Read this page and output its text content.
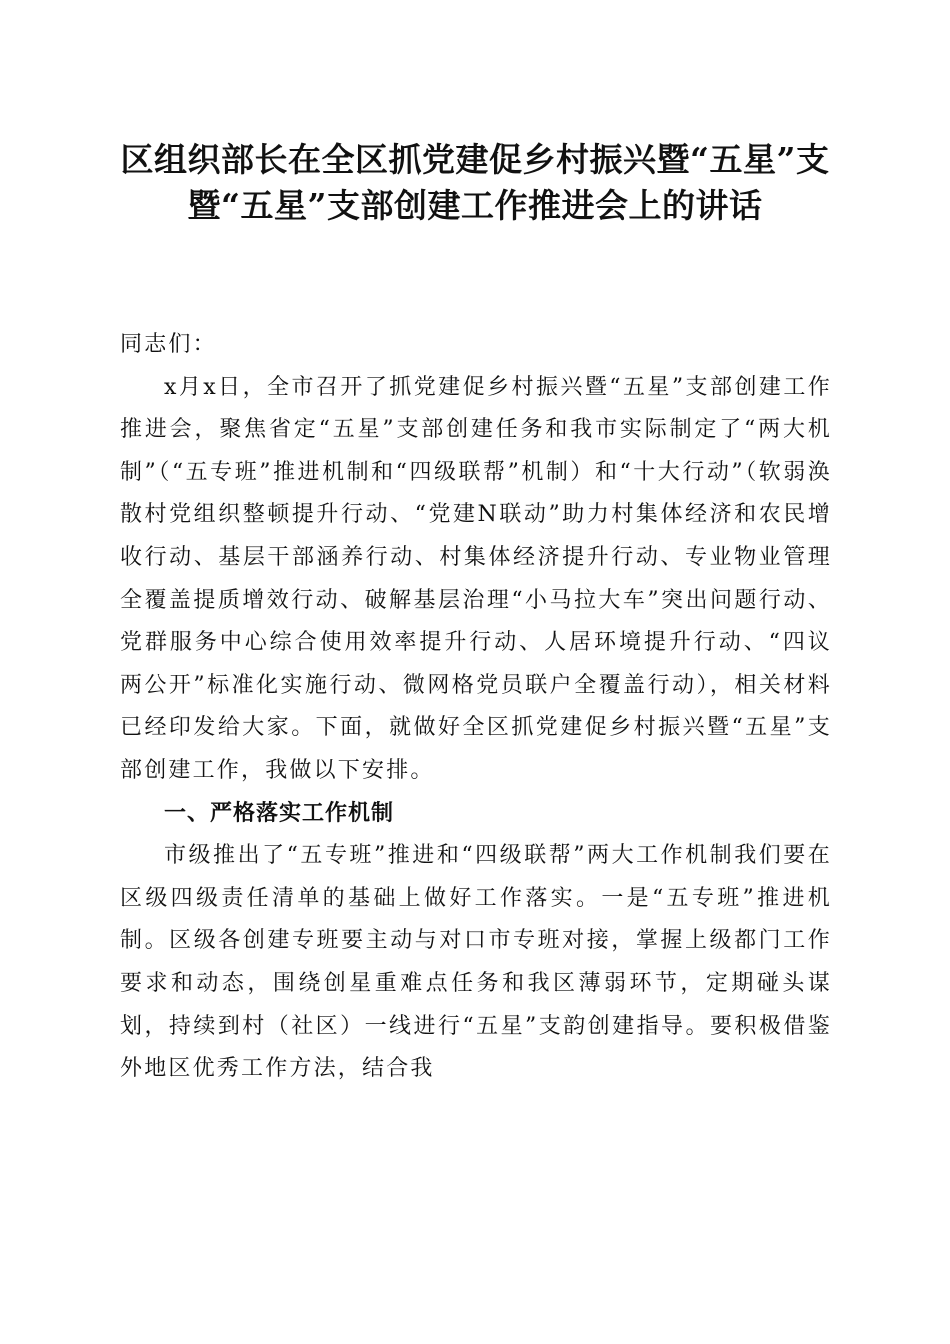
区组织部长在全区抓党建促乡村振兴暨“五星”支暨“五星”支部创建工作推进会上的讲话

同志们：

x月x日，全市召开了抓党建促乡村振兴暨“五星”支部创建工作推进会，聚焦省定“五星”支部创建任务和我市实际制定了“两大机制”（“五专班”推进机制和“四级联帮”机制）和“十大行动”（软弱涣散村党组织整顿提升行动、“党建N联动”助力村集体经济和农民增收行动、基层干部涵养行动、村集体经济提升行动、专业物业管理全覆盖提质增效行动、破解基层治理“小马拉大车”突出问题行动、党群服务中心综合使用效率提升行动、人居环境提升行动、“四议两公开”标准化实施行动、微网格党员联户全覆盖行动），相关材料已经印发给大家。下面，就做好全区抓党建促乡村振兴暨“五星”支部创建工作，我做以下安排。

一、严格落实工作机制

市级推出了“五专班”推进和“四级联帮”两大工作机制我们要在区级四级责任清单的基础上做好工作落实。一是“五专班”推进机制。区级各创建专班要主动与对口市专班对接，掌握上级都门工作要求和动态，围绕创星重难点任务和我区薄弱环节，定期碰头谋划，持续到村（社区）一线进行“五星”支韵创建指导。要积极借鉴外地区优秀工作方法，结合我
